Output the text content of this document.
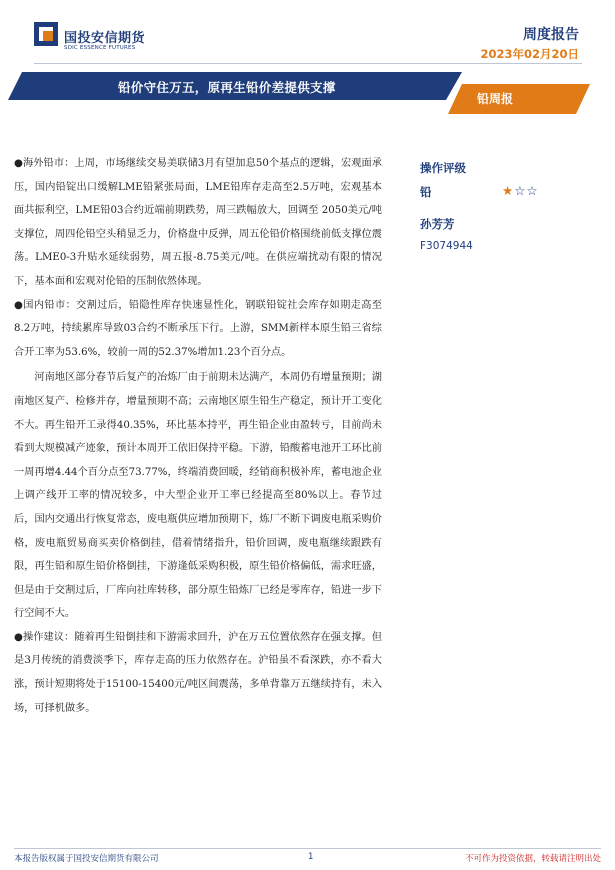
国投安信期货
SDIC ESSENCE FUTURES
周度报告
2023年02月20日
铅价守住万五，原再生铅价差提供支撑
铅周报

●海外铅市：上周，市场继续交易美联储3月有望加息50个基点的逻辑，宏观面承压，国内铅锭出口缓解LME铅紧张局面，LME铅库存走高至2.5万吨，宏观基本面共振利空，LME铅03合约近端前期跌势，周三跌幅放大，回调至 2050美元/吨支撑位，周四伦铅空头稍显乏力，价格盘中反弹，周五伦铅价格围绕前低支撑位震荡。LME0-3升贴水延续弱势，周五报-8.75美元/吨。在供应端扰动有限的情况下，基本面和宏观对伦铅的压制依然体现。

●国内铅市：交割过后，铅隐性库存快速显性化，钢联铅锭社会库存如期走高至8.2万吨，持续累库导致03合约不断承压下行。上游，SMM新样本原生铅三省综合开工率为53.6%，较前一周的52.37%增加1.23个百分点。

河南地区部分春节后复产的冶炼厂由于前期未达满产，本周仍有增量预期；湖南地区复产、检修并存，增量预期不高；云南地区原生铅生产稳定，预计开工变化不大。再生铅开工录得40.35%，环比基本持平，再生铅企业由盈转亏，目前尚未看到大规模减产迹象，预计本周开工依旧保持平稳。下游，铅酸蓄电池开工环比前一周再增4.44个百分点至73.77%，终端消费回暖，经销商积极补库，蓄电池企业上调产线开工率的情况较多，中大型企业开工率已经提高至80%以上。春节过后，国内交通出行恢复常态，废电瓶供应增加预期下，炼厂不断下调废电瓶采购价格，废电瓶贸易商买卖价格倒挂，借着情绪指升，铅价回调，废电瓶继续跟跌有限，再生铅和原生铅价格倒挂，下游逢低采购积极，原生铅价格偏低，需求旺盛，但是由于交割过后，厂库向社库转移，部分原生铅炼厂已经是零库存，铅进一步下行空间不大。

●操作建议：随着再生铅倒挂和下游需求回升，沪在万五位置依然存在强支撑。但是3月传统的消费淡季下，库存走高的压力依然存在。沪铅虽不看深跌，亦不看大涨，预计短期将处于15100-15400元/吨区间震荡，多单背靠万五继续持有，未入场，可择机做多。

操作评级
铅	★☆☆
孙芳芳
F3074944
本报告版权属于国投安信期货有限公司	1	不可作为投资依据，转载请注明出处
